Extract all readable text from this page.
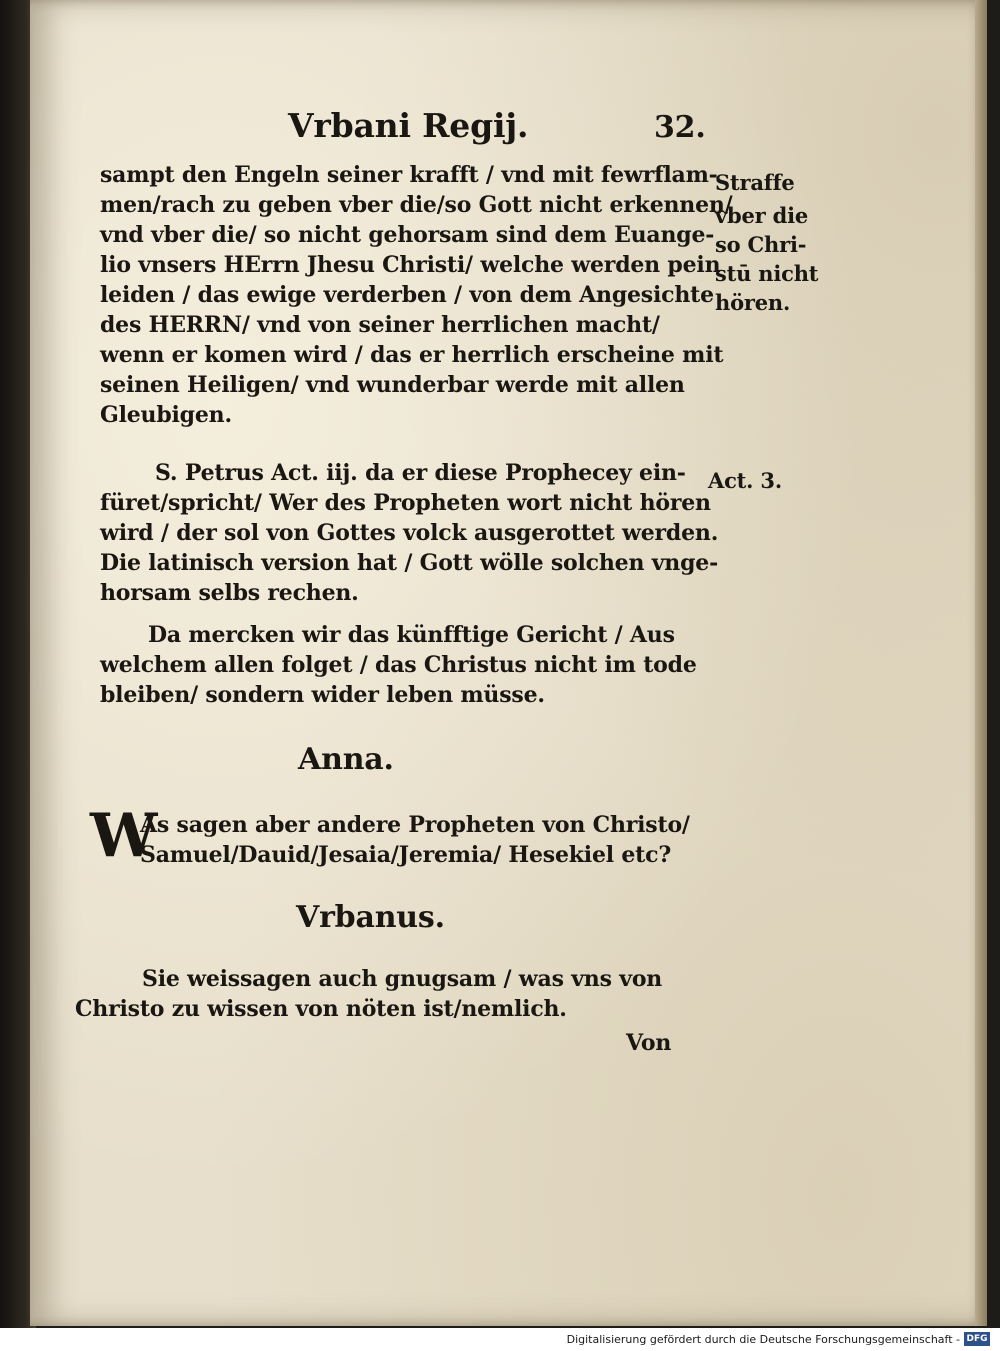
Vrbani Regij.	32.
sampt den Engeln seiner krafft / vnd mit fewrflam-
men/rach zu geben vber die/so Gott nicht erkennen/
vnd vber die/ so nicht gehorsam sind dem Euange-
lio vnsers HErrn Jhesu Christi/ welche werden pein
leiden / das ewige verderben / von dem Angesichte
des HERRN/ vnd von seiner herrlichen macht/
wenn er komen wird / das er herrlich erscheine mit
seinen Heiligen/ vnd wunderbar werde mit allen
Gleubigen.
Straffe
vber die
so Chri-
stū nicht
hören.
S. Petrus Act. iij. da er diese Prophecey ein-
füret/spricht/ Wer des Propheten wort nicht hören
wird / der sol von Gottes volck ausgerottet werden.
Die latinisch version hat / Gott wölle solchen vnge-
horsam selbs rechen.
Act. 3.
Da mercken wir das künfftige Gericht / Aus
welchem allen folget / das Christus nicht im tode
bleiben/ sondern wider leben müsse.
Anna.
W
As sagen aber andere Propheten von Christo/
Samuel/Dauid/Jesaia/Jeremia/ Hesekiel etc?
Vrbanus.
Sie weissagen auch gnugsam / was vns von
Christo zu wissen von nöten ist/nemlich.
Von
Digitalisierung gefördert durch die Deutsche Forschungsgemeinschaft - DFG
